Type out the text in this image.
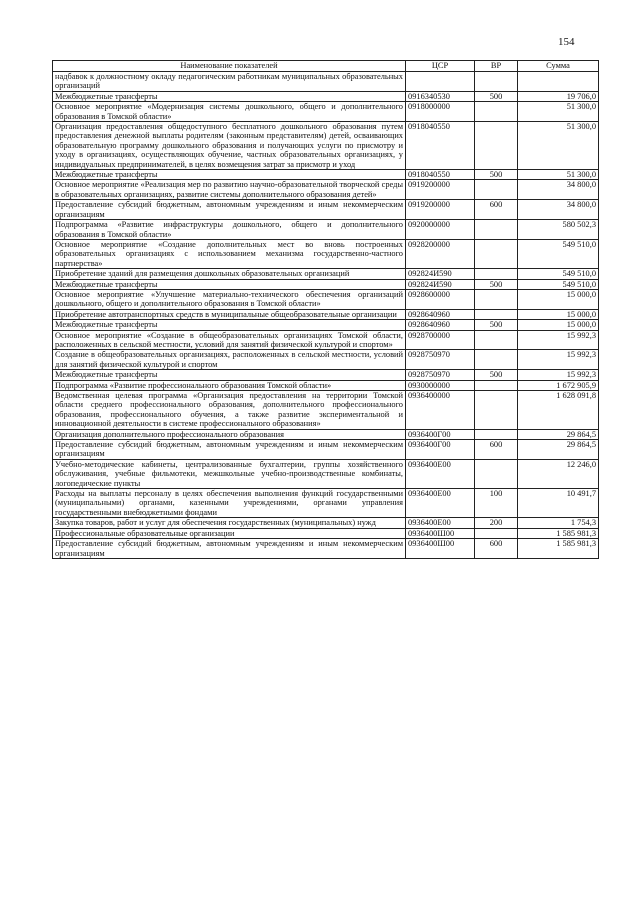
154
Наименование показателей	ЦСР	ВР	Сумма
надбавок к должностному окладу педагогическим работникам муниципальных образовательных организаций			
Межбюджетные трансферты	0916340530	500	19 706,0
Основное мероприятие «Модернизация системы дошкольного, общего и дополнительного образования в Томской области»	0918000000		51 300,0
Организация предоставления общедоступного бесплатного дошкольного образования путем предоставления денежной выплаты родителям (законным представителям) детей, осваивающих образовательную программу дошкольного образования и получающих услуги по присмотру и уходу в организациях, осуществляющих обучение, частных образовательных организациях, у индивидуальных предпринимателей, в целях возмещения затрат за присмотр и уход	0918040550		51 300,0
Межбюджетные трансферты	0918040550	500	51 300,0
Основное мероприятие «Реализация мер по развитию научно-образовательной творческой среды в образовательных организациях, развитие системы дополнительного образования детей»	0919200000		34 800,0
Предоставление субсидий бюджетным, автономным учреждениям и иным некоммерческим организациям	0919200000	600	34 800,0
Подпрограмма «Развитие инфраструктуры дошкольного, общего и дополнительного образования в Томской области»	0920000000		580 502,3
Основное мероприятие «Создание дополнительных мест во вновь построенных образовательных организациях с использованием механизма государственно-частного партнерства»	0928200000		549 510,0
Приобретение зданий для размещения дошкольных образовательных организаций	092824И590		549 510,0
Межбюджетные трансферты	092824И590	500	549 510,0
Основное мероприятие «Улучшение материально-технического обеспечения организаций дошкольного, общего и дополнительного образования в Томской области»	0928600000		15 000,0
Приобретение автотранспортных средств в муниципальные общеобразовательные организации	0928640960		15 000,0
Межбюджетные трансферты	0928640960	500	15 000,0
Основное мероприятие «Создание в общеобразовательных организациях Томской области, расположенных в сельской местности, условий для занятий физической культурой и спортом»	0928700000		15 992,3
Создание в общеобразовательных организациях, расположенных в сельской местности, условий для занятий физической культурой и спортом	0928750970		15 992,3
Межбюджетные трансферты	0928750970	500	15 992,3
Подпрограмма «Развитие профессионального образования Томской области»	0930000000		1 672 905,9
Ведомственная целевая программа «Организация предоставления на территории Томской области среднего профессионального образования, дополнительного профессионального образования, профессионального обучения, а также развитие экспериментальной и инновационной деятельности в системе профессионального образования»	0936400000		1 628 091,8
Организация дополнительного профессионального образования	0936400Г00		29 864,5
Предоставление субсидий бюджетным, автономным учреждениям и иным некоммерческим организациям	0936400Г00	600	29 864,5
Учебно-методические кабинеты, централизованные бухгалтерии, группы хозяйственного обслуживания, учебные фильмотеки, межшкольные учебно-производственные комбинаты, логопедические пункты	0936400Е00		12 246,0
Расходы на выплаты персоналу в целях обеспечения выполнения функций государственными (муниципальными) органами, казенными учреждениями, органами управления государственными внебюджетными фондами	0936400Е00	100	10 491,7
Закупка товаров, работ и услуг для обеспечения государственных (муниципальных) нужд	0936400Е00	200	1 754,3
Профессиональные образовательные организации	0936400Ш00		1 585 981,3
Предоставление субсидий бюджетным, автономным учреждениям и иным некоммерческим организациям	0936400Ш00	600	1 585 981,3
